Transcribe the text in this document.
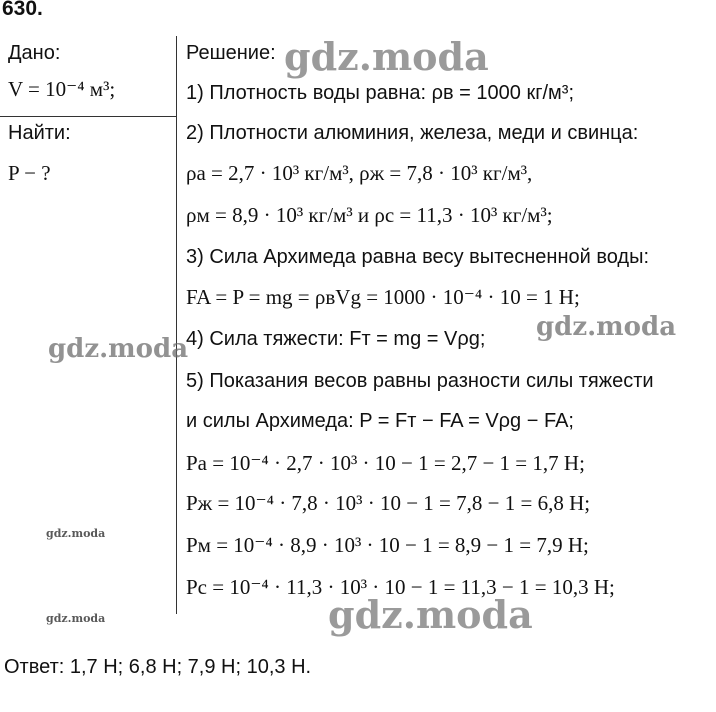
630.
Дано:
V = 10⁻⁴ м³;
Найти:
P − ?
Решение:
1) Плотность воды равна: ρв = 1000 кг/м³;
2) Плотности алюминия, железа, меди и свинца:
ρа = 2,7 · 10³ кг/м³, ρж = 7,8 · 10³ кг/м³,
ρм = 8,9 · 10³ кг/м³ и ρс = 11,3 · 10³ кг/м³;
3) Сила Архимеда равна весу вытесненной воды:
FA = P = mg = ρвVg = 1000 · 10⁻⁴ · 10 = 1 Н;
4) Сила тяжести: Fт = mg = Vρg;
5) Показания весов равны разности силы тяжести
и силы Архимеда: P = Fт − FA = Vρg − FA;
Pа = 10⁻⁴ · 2,7 · 10³ · 10 − 1 = 2,7 − 1 = 1,7 Н;
Pж = 10⁻⁴ · 7,8 · 10³ · 10 − 1 = 7,8 − 1 = 6,8 Н;
Pм = 10⁻⁴ · 8,9 · 10³ · 10 − 1 = 8,9 − 1 = 7,9 Н;
Pс = 10⁻⁴ · 11,3 · 10³ · 10 − 1 = 11,3 − 1 = 10,3 Н;
Ответ: 1,7 Н; 6,8 Н; 7,9 Н; 10,3 Н.
gdz.moda
gdz.moda
gdz.moda
gdz.moda
gdz.moda	gdz.moda
